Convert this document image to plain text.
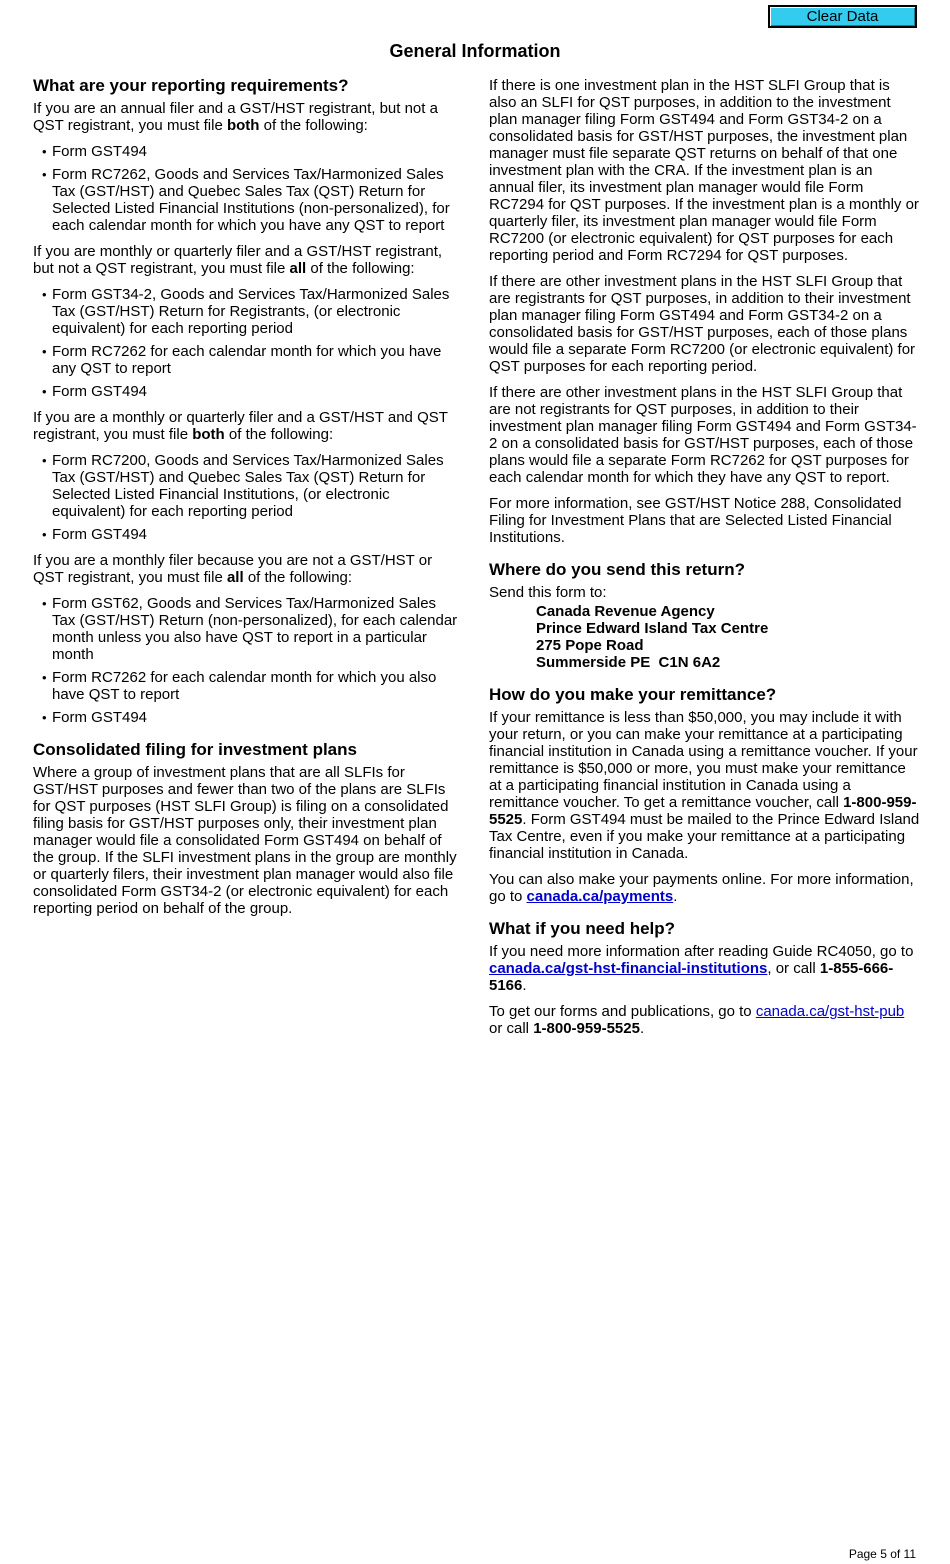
Clear Data
General Information
What are your reporting requirements?

If you are an annual filer and a GST/HST registrant, but not a QST registrant, you must file both of the following:

• Form GST494
• Form RC7262, Goods and Services Tax/Harmonized Sales Tax (GST/HST) and Quebec Sales Tax (QST) Return for Selected Listed Financial Institutions (non-personalized), for each calendar month for which you have any QST to report

If you are monthly or quarterly filer and a GST/HST registrant, but not a QST registrant, you must file all of the following:

• Form GST34-2, Goods and Services Tax/Harmonized Sales Tax (GST/HST) Return for Registrants, (or electronic equivalent) for each reporting period
• Form RC7262 for each calendar month for which you have any QST to report
• Form GST494

If you are a monthly or quarterly filer and a GST/HST and QST registrant, you must file both of the following:

• Form RC7200, Goods and Services Tax/Harmonized Sales Tax (GST/HST) and Quebec Sales Tax (QST) Return for Selected Listed Financial Institutions, (or electronic equivalent) for each reporting period
• Form GST494

If you are a monthly filer because you are not a GST/HST or QST registrant, you must file all of the following:

• Form GST62, Goods and Services Tax/Harmonized Sales Tax (GST/HST) Return (non-personalized), for each calendar month unless you also have QST to report in a particular month
• Form RC7262 for each calendar month for which you also have QST to report
• Form GST494
Consolidated filing for investment plans

Where a group of investment plans that are all SLFIs for GST/HST purposes and fewer than two of the plans are SLFIs for QST purposes (HST SLFI Group) is filing on a consolidated filing basis for GST/HST purposes only, their investment plan manager would file a consolidated Form GST494 on behalf of the group. If the SLFI investment plans in the group are monthly or quarterly filers, their investment plan manager would also file consolidated Form GST34-2 (or electronic equivalent) for each reporting period on behalf of the group.

If there is one investment plan in the HST SLFI Group that is also an SLFI for QST purposes, in addition to the investment plan manager filing Form GST494 and Form GST34-2 on a consolidated basis for GST/HST purposes, the investment plan manager must file separate QST returns on behalf of that one investment plan with the CRA. If the investment plan is an annual filer, its investment plan manager would file Form RC7294 for QST purposes. If the investment plan is a monthly or quarterly filer, its investment plan manager would file Form RC7200 (or electronic equivalent) for QST purposes for each reporting period and Form RC7294 for QST purposes.

If there are other investment plans in the HST SLFI Group that are registrants for QST purposes, in addition to their investment plan manager filing Form GST494 and Form GST34-2 on a consolidated basis for GST/HST purposes, each of those plans would file a separate Form RC7200 (or electronic equivalent) for QST purposes for each reporting period.

If there are other investment plans in the HST SLFI Group that are not registrants for QST purposes, in addition to their investment plan manager filing Form GST494 and Form GST34-2 on a consolidated basis for GST/HST purposes, each of those plans would file a separate Form RC7262 for QST purposes for each calendar month for which they have any QST to report.

For more information, see GST/HST Notice 288, Consolidated Filing for Investment Plans that are Selected Listed Financial Institutions.

Where do you send this return?

Send this form to:

Canada Revenue Agency
Prince Edward Island Tax Centre
275 Pope Road
Summerside PE  C1N 6A2
How do you make your remittance?

If your remittance is less than $50,000, you may include it with your return, or you can make your remittance at a participating financial institution in Canada using a remittance voucher. If your remittance is $50,000 or more, you must make your remittance at a participating financial institution in Canada using a remittance voucher. To get a remittance voucher, call 1-800-959-5525. Form GST494 must be mailed to the Prince Edward Island Tax Centre, even if you make your remittance at a participating financial institution in Canada.

You can also make your payments online. For more information, go to canada.ca/payments.

What if you need help?

If you need more information after reading Guide RC4050, go to canada.ca/gst-hst-financial-institutions, or call 1-855-666-5166.

To get our forms and publications, go to canada.ca/gst-hst-pub or call 1-800-959-5525.

Page 5 of 11
